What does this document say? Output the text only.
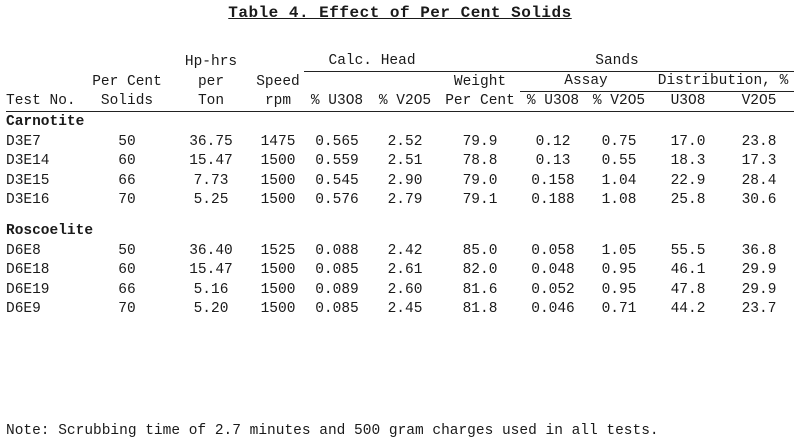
Table 4. Effect of Per Cent Solids
		Hp-hrs		Calc. Head		Sands				
	Per Cent	per	Speed			Weight	Assay		Distribution, %	
Test No.	Solids	Ton	rpm	% U3O8	% V2O5	Per Cent	% U3O8	% V2O5	U3O8	V2O5

Carnotite										
D3E7	50	36.75	1475	0.565	2.52	79.9	0.12	0.75	17.0	23.8
D3E14	60	15.47	1500	0.559	2.51	78.8	0.13	0.55	18.3	17.3
D3E15	66	7.73	1500	0.545	2.90	79.0	0.158	1.04	22.9	28.4
D3E16	70	5.25	1500	0.576	2.79	79.1	0.188	1.08	25.8	30.6

Roscoelite										
D6E8	50	36.40	1525	0.088	2.42	85.0	0.058	1.05	55.5	36.8
D6E18	60	15.47	1500	0.085	2.61	82.0	0.048	0.95	46.1	29.9
D6E19	66	5.16	1500	0.089	2.60	81.6	0.052	0.95	47.8	29.9
D6E9	70	5.20	1500	0.085	2.45	81.8	0.046	0.71	44.2	23.7
Note: Scrubbing time of 2.7 minutes and 500 gram charges used in all tests.
